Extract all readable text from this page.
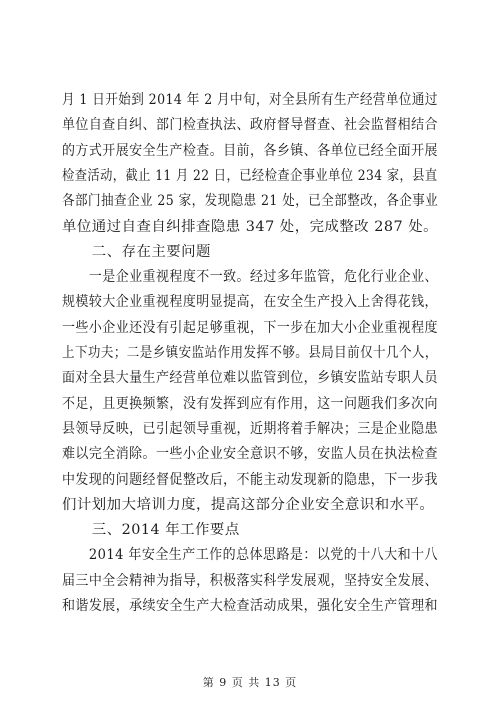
月 1 日开始到 2014 年 2 月中旬，对全县所有生产经营单位通过
单位自查自纠、部门检查执法、政府督导督查、社会监督相结合
的方式开展安全生产检查。目前，各乡镇、各单位已经全面开展
检查活动，截止 11 月 22 日，已经检查企事业单位 234 家，县直
各部门抽查企业 25 家，发现隐患 21 处，已全部整改，各企事业
单位通过自查自纠排查隐患 347 处，完成整改 287 处。
　　二、存在主要问题
　　一是企业重视程度不一致。经过多年监管，危化行业企业、
规模较大企业重视程度明显提高，在安全生产投入上舍得花钱，
一些小企业还没有引起足够重视，下一步在加大小企业重视程度
上下功夫；二是乡镇安监站作用发挥不够。县局目前仅十几个人，
面对全县大量生产经营单位难以监管到位，乡镇安监站专职人员
不足，且更换频繁，没有发挥到应有作用，这一问题我们多次向
县领导反映，已引起领导重视，近期将着手解决；三是企业隐患
难以完全消除。一些小企业安全意识不够，安监人员在执法检查
中发现的问题经督促整改后，不能主动发现新的隐患，下一步我
们计划加大培训力度，提高这部分企业安全意识和水平。
　　三、2014 年工作要点
　　2014 年安全生产工作的总体思路是：以党的十八大和十八
届三中全会精神为指导，积极落实科学发展观，坚持安全发展、
和谐发展，承续安全生产大检查活动成果，强化安全生产管理和
第 9 页 共 13 页
